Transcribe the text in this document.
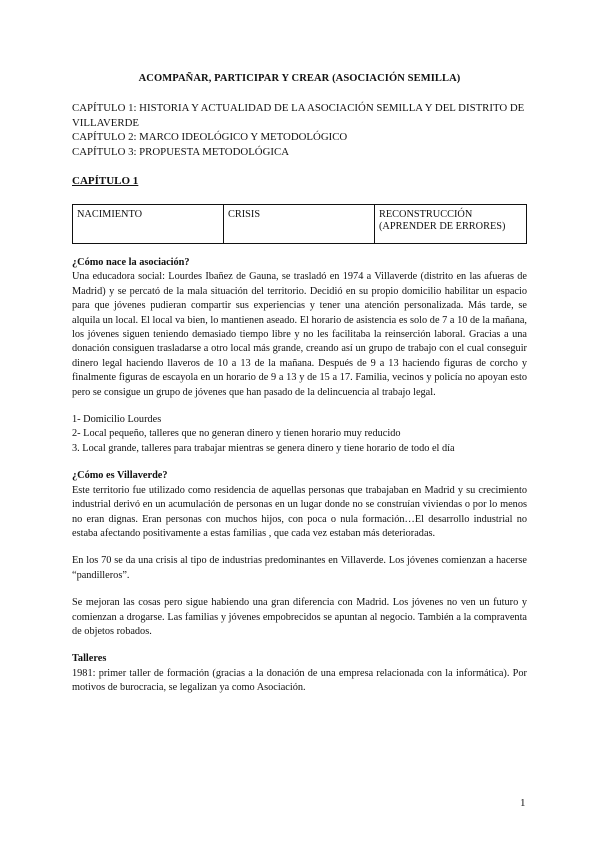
ACOMPAÑAR, PARTICIPAR Y CREAR (ASOCIACIÓN SEMILLA)
CAPÍTULO 1: HISTORIA Y ACTUALIDAD DE LA ASOCIACIÓN SEMILLA Y DEL DISTRITO DE VILLAVERDE
CAPÍTULO 2: MARCO IDEOLÓGICO Y METODOLÓGICO
CAPÍTULO 3: PROPUESTA METODOLÓGICA
CAPÍTULO 1
NACIMIENTO	CRISIS	RECONSTRUCCIÓN (APRENDER DE ERRORES)

¿Cómo nace la asociación?

Una educadora social: Lourdes Ibañez de Gauna, se trasladó en 1974 a Villaverde (distrito en las afueras de Madrid) y se percató de la mala situación del territorio. Decidió en su propio domicilio habilitar un espacio para que jóvenes pudieran compartir sus experiencias y tener una atención personalizada. Más tarde, se alquila un local. El local va bien, lo mantienen aseado. El horario de asistencia es solo de 7 a 10 de la mañana, los jóvenes siguen teniendo demasiado tiempo libre y no les facilitaba la reinserción laboral. Gracias a una donación consiguen trasladarse a otro local más grande, creando así un grupo de trabajo con el cual conseguir dinero legal haciendo llaveros de 10 a 13 de la mañana. Después de 9 a 13 haciendo figuras de corcho y finalmente figuras de escayola en un horario de 9 a 13 y de 15 a 17. Familia, vecinos y policía no apoyan esto pero se consigue un grupo de jóvenes que han pasado de la delincuencia al trabajo legal.

1- Domicilio Lourdes

2- Local pequeño, talleres que no generan dinero y tienen horario muy reducido

3. Local grande, talleres para trabajar mientras se genera dinero y tiene horario de todo el día

¿Cómo es Villaverde?

Este territorio fue utilizado como residencia de aquellas personas que trabajaban en Madrid y su crecimiento industrial derivó en un acumulación de personas en un lugar donde no se construían viviendas o por lo menos no eran dignas. Eran personas con muchos hijos, con poca o nula formación…El desarrollo industrial no estaba afectando positivamente a estas familias , que cada vez estaban más deterioradas.

En los 70 se da una crisis al tipo de industrias predominantes en Villaverde. Los jóvenes comienzan a hacerse “pandilleros”.

Se mejoran las cosas pero sigue habiendo una gran diferencia con Madrid. Los jóvenes no ven un futuro y comienzan a drogarse. Las familias y jóvenes empobrecidos se apuntan al negocio. También a la compraventa de objetos robados.

Talleres

1981: primer taller de formación (gracias a la donación de una empresa relacionada con la informática). Por motivos de burocracia, se legalizan ya como Asociación.

1
